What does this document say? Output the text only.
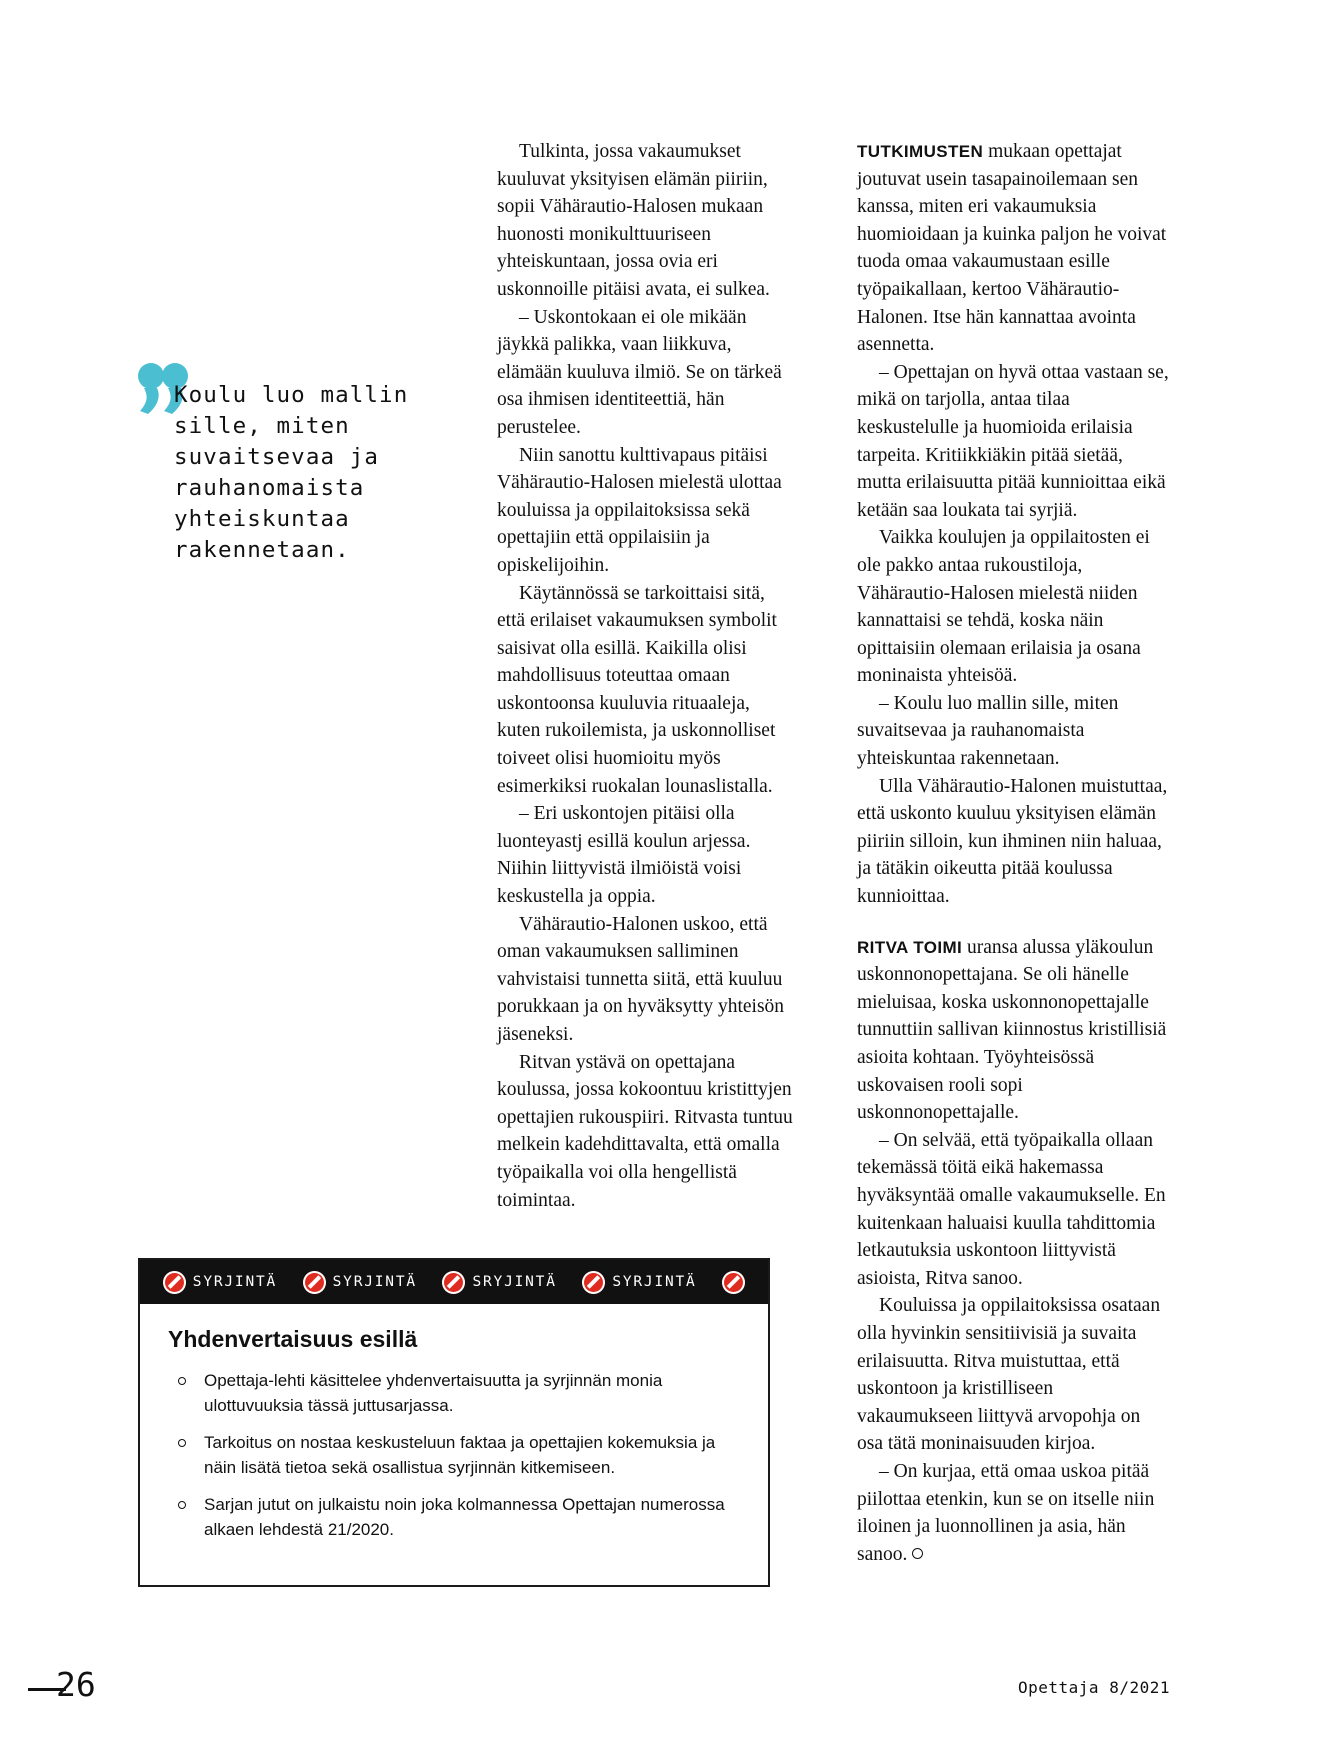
Koulu luo mallin sille, miten suvaitsevaa ja rauhanomaista yhteiskuntaa rakennetaan.

Tulkinta, jossa vakaumukset kuuluvat yksityisen elämän piiriin, sopii Vähärautio-Halosen mukaan huonosti monikulttuuriseen yhteiskuntaan, jossa ovia eri uskonnoille pitäisi avata, ei sulkea.

– Uskontokaan ei ole mikään jäykkä palikka, vaan liikkuva, elämään kuuluva ilmiö. Se on tärkeä osa ihmisen identiteettiä, hän perustelee.

Niin sanottu kulttivapaus pitäisi Vähärautio-Halosen mielestä ulottaa kouluissa ja oppilaitoksissa sekä opettajiin että oppilaisiin ja opiskelijoihin.

Käytännössä se tarkoittaisi sitä, että erilaiset vakaumuksen symbolit saisivat olla esillä. Kaikilla olisi mahdollisuus toteuttaa omaan uskontoonsa kuuluvia rituaaleja, kuten rukoilemista, ja uskonnolliset toiveet olisi huomioitu myös esimerkiksi ruokalan lounaslistalla.

– Eri uskontojen pitäisi olla luonteyastj esillä koulun arjessa. Niihin liittyvistä ilmiöistä voisi keskustella ja oppia.

Vähärautio-Halonen uskoo, että oman vakaumuksen salliminen vahvistaisi tunnetta siitä, että kuuluu porukkaan ja on hyväksytty yhteisön jäseneksi.

Ritvan ystävä on opettajana koulussa, jossa kokoontuu kristittyjen opettajien rukouspiiri. Ritvasta tuntuu melkein kadehdittavalta, että omalla työpaikalla voi olla hengellistä toimintaa.

TUTKIMUSTEN mukaan opettajat joutuvat usein tasapainoilemaan sen kanssa, miten eri vakaumuksia huomioidaan ja kuinka paljon he voivat tuoda omaa vakaumustaan esille työpaikallaan, kertoo Vähärautio-Halonen. Itse hän kannattaa avointa asennetta.

– Opettajan on hyvä ottaa vastaan se, mikä on tarjolla, antaa tilaa keskustelulle ja huomioida erilaisia tarpeita. Kritiikkiäkin pitää sietää, mutta erilaisuutta pitää kunnioittaa eikä ketään saa loukata tai syrjiä.

Vaikka koulujen ja oppilaitosten ei ole pakko antaa rukoustiloja, Vähärautio-Halosen mielestä niiden kannattaisi se tehdä, koska näin opittaisiin olemaan erilaisia ja osana moninaista yhteisöä.

– Koulu luo mallin sille, miten suvaitsevaa ja rauhanomaista yhteiskuntaa rakennetaan.

Ulla Vähärautio-Halonen muistuttaa, että uskonto kuuluu yksityisen elämän piiriin silloin, kun ihminen niin haluaa, ja tätäkin oikeutta pitää koulussa kunnioittaa.

RITVA TOIMI uransa alussa yläkoulun uskonnonopettajana. Se oli hänelle mieluisaa, koska uskonnonopettajalle tunnuttiin sallivan kiinnostus kristillisiä asioita kohtaan. Työyhteisössä uskovaisen rooli sopi uskonnonopettajalle.

– On selvää, että työpaikalla ollaan tekemässä töitä eikä hakemassa hyväksyntää omalle vakaumukselle. En kuitenkaan haluaisi kuulla tahdittomia letkautuksia uskontoon liittyvistä asioista, Ritva sanoo.

Kouluissa ja oppilaitoksissa osataan olla hyvinkin sensitiivisiä ja suvaita erilaisuutta. Ritva muistuttaa, että uskontoon ja kristilliseen vakaumukseen liittyvä arvopohja on osa tätä moninaisuuden kirjoa.

– On kurjaa, että omaa uskoa pitää piilottaa etenkin, kun se on itselle niin iloinen ja luonnollinen ja asia, hän sanoo.

SYRJINTÄ	SYRJINTÄ	SRYJINTÄ	SYRJINTÄ
Yhdenvertaisuus esillä
Opettaja-lehti käsittelee yhdenvertaisuutta ja syrjinnän monia ulottuvuuksia tässä juttusarjassa.
Tarkoitus on nostaa keskusteluun faktaa ja opettajien kokemuksia ja näin lisätä tietoa sekä osallistua syrjinnän kitkemiseen.
Sarjan jutut on julkaistu noin joka kolmannessa Opettajan numerossa alkaen lehdestä 21/2020.
26	Opettaja 8/2021
